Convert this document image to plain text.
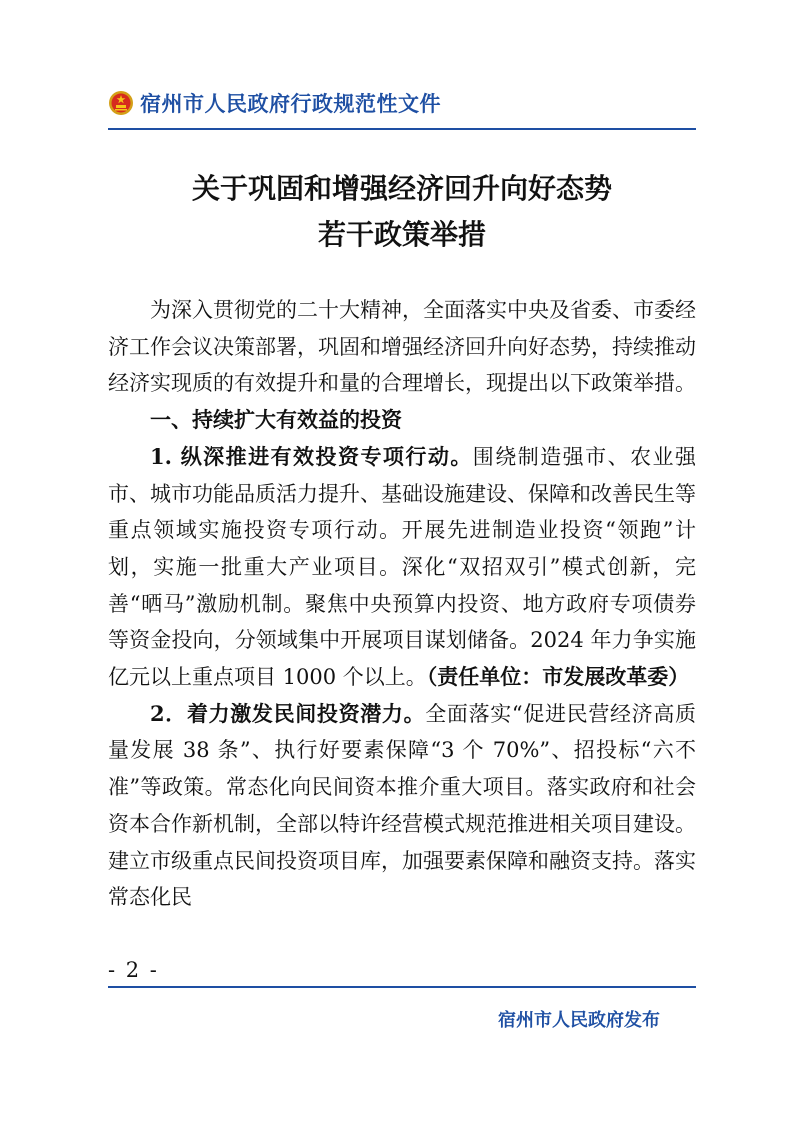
宿州市人民政府行政规范性文件
关于巩固和增强经济回升向好态势
若干政策举措

为深入贯彻党的二十大精神，全面落实中央及省委、市委经济工作会议决策部署，巩固和增强经济回升向好态势，持续推动经济实现质的有效提升和量的合理增长，现提出以下政策举措。

一、持续扩大有效益的投资

1. 纵深推进有效投资专项行动。围绕制造强市、农业强市、城市功能品质活力提升、基础设施建设、保障和改善民生等重点领域实施投资专项行动。开展先进制造业投资“领跑”计划，实施一批重大产业项目。深化“双招双引”模式创新，完善“晒马”激励机制。聚焦中央预算内投资、地方政府专项债券等资金投向，分领域集中开展项目谋划储备。2024 年力争实施亿元以上重点项目 1000 个以上。（责任单位：市发展改革委）

2．着力激发民间投资潜力。全面落实“促进民营经济高质量发展 38 条”、执行好要素保障“3 个 70%”、招投标“六不准”等政策。常态化向民间资本推介重大项目。落实政府和社会资本合作新机制，全部以特许经营模式规范推进相关项目建设。建立市级重点民间投资项目库，加强要素保障和融资支持。落实常态化民

- 2 -
宿州市人民政府发布
